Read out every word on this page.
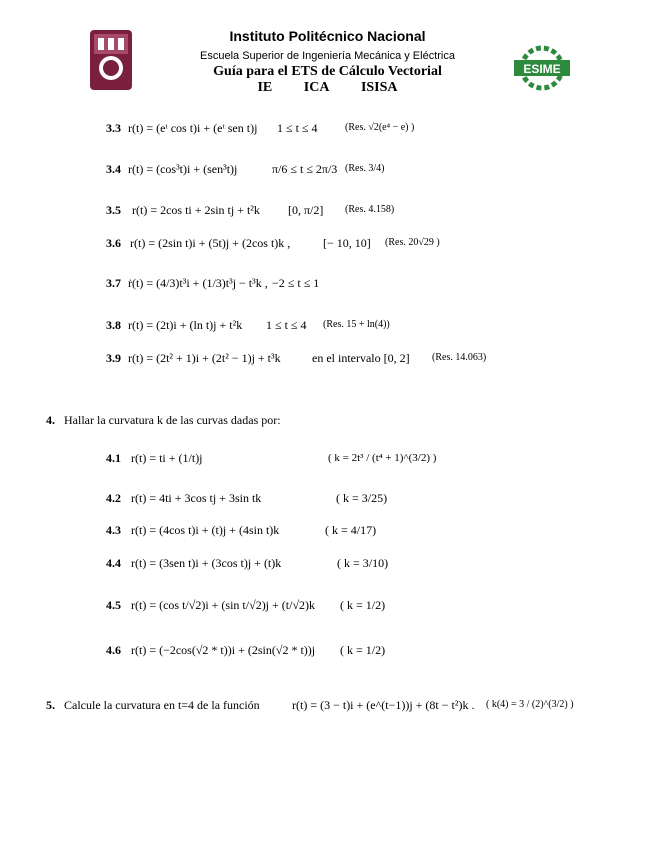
Instituto Politécnico Nacional
Escuela Superior de Ingeniería Mecánica y Eléctrica
Guía para el ETS de Cálculo Vectorial
IE ICA ISISA
ESIME
3.3 r(t) = (eᵗ cos t)i + (eᵗ sen t)j 1 ≤ t ≤ 4	(Res. √2(e⁴ − e) )
3.4 r(t) = (cos³t)i + (sen³t)j	π/6 ≤ t ≤ 2π/3 (Res. 3/4)
3.5 r(t) = 2cos ti + 2sin tj + t²k [0, π/2] (Res. 4.158)
3.6 r(t) = (2sin t)i + (5t)j + (2cos t)k ,	[− 10, 10] (Res. 20√29 )
3.7 ṙ(t) = (4/3)t³i + (1/3)t³j − t³k , −2 ≤ t ≤ 1
3.8 r(t) = (2t)i + (ln t)j + t²k 1 ≤ t ≤ 4 (Res. 15 + ln(4))
3.9 r(t) = (2t² + 1)i + (2t² − 1)j + t³k	en el intervalo [0, 2] (Res. 14.063)
4. Hallar la curvatura k de las curvas dadas por:
4.1 r(t) = ti + (1/t)j	( k = 2t³ / (t⁴ + 1)^(3/2) )
4.2 r(t) = 4ti + 3cos tj + 3sin tk	( k = 3/25)
4.3 r(t) = (4cos t)i + (t)j + (4sin t)k	( k = 4/17)
4.4 r(t) = (3sen t)i + (3cos t)j + (t)k	( k = 3/10)
4.5 r(t) = (cos t/√2)i + (sin t/√2)j + (t/√2)k ( k = 1/2)
4.6 r(t) = (−2cos(√2 * t))i + (2sin(√2 * t))j ( k = 1/2)
5. Calcule la curvatura en t=4 de la función	r(t) = (3 − t)i + (e^(t−1))j + (8t − t²)k . ( k(4) = 3 / (2)^(3/2) )
